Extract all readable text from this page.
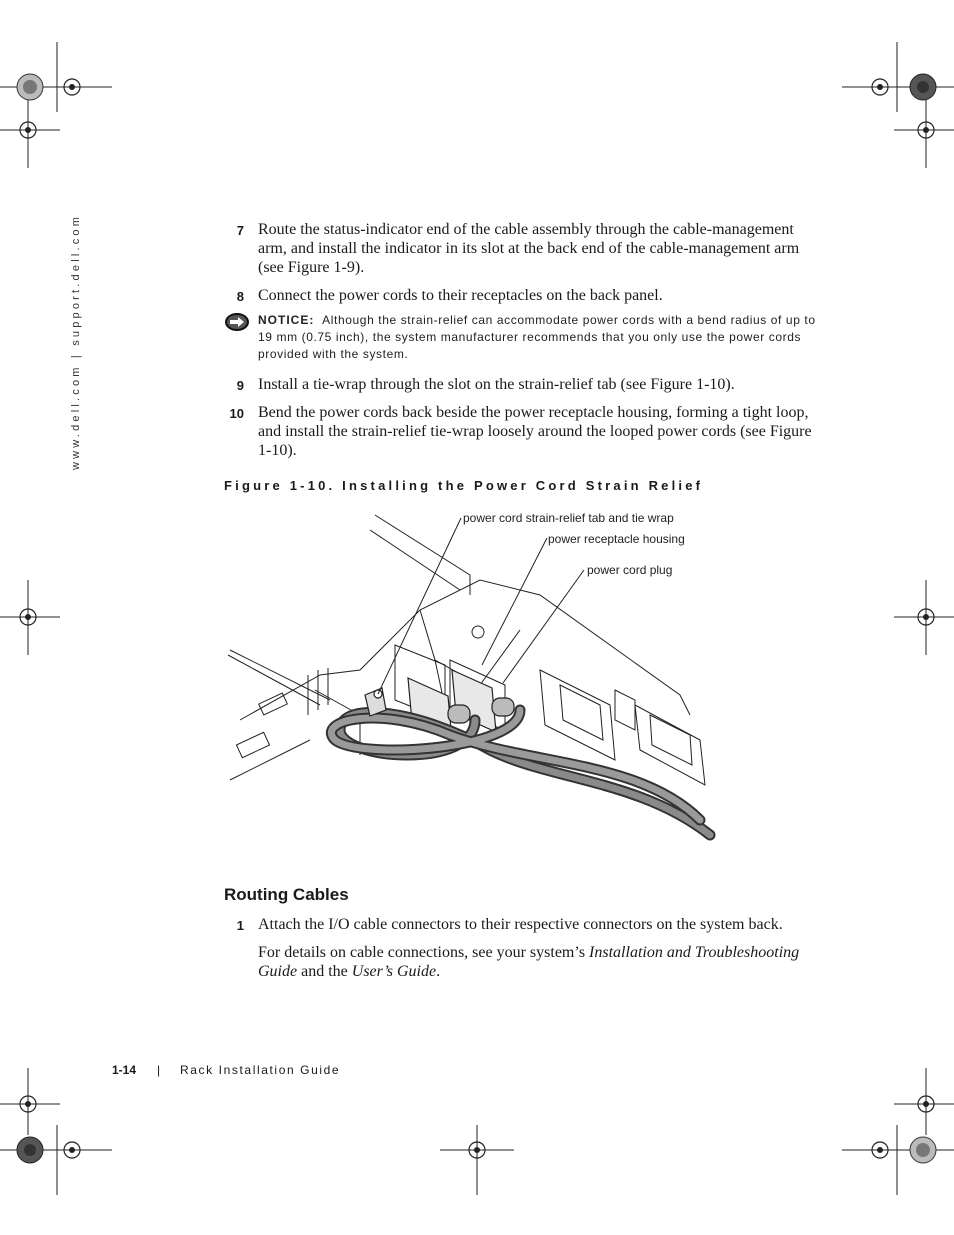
www.dell.com | support.dell.com	7 Route the status-indicator end of the cable assembly through the cable-management arm, and install the indicator in its slot at the back end of the cable-management arm (see Figure 1-9).
8 Connect the power cords to their receptacles on the back panel.
NOTICE: Although the strain-relief can accommodate power cords with a bend radius of up to 19 mm (0.75 inch), the system manufacturer recommends that you only use the power cords provided with the system.
9 Install a tie-wrap through the slot on the strain-relief tab (see Figure 1-10).
10 Bend the power cords back beside the power receptacle housing, forming a tight loop, and install the strain-relief tie-wrap loosely around the looped power cords (see Figure 1-10).
Figure 1-10. Installing the Power Cord Strain Relief
power cord strain-relief tab and tie wrap
power receptacle housing
power cord plug
Routing Cables
1 Attach the I/O cable connectors to their respective connectors on the system back.
For details on cable connections, see your system’s Installation and Troubleshooting Guide and the User’s Guide.
1-14 | Rack Installation Guide
